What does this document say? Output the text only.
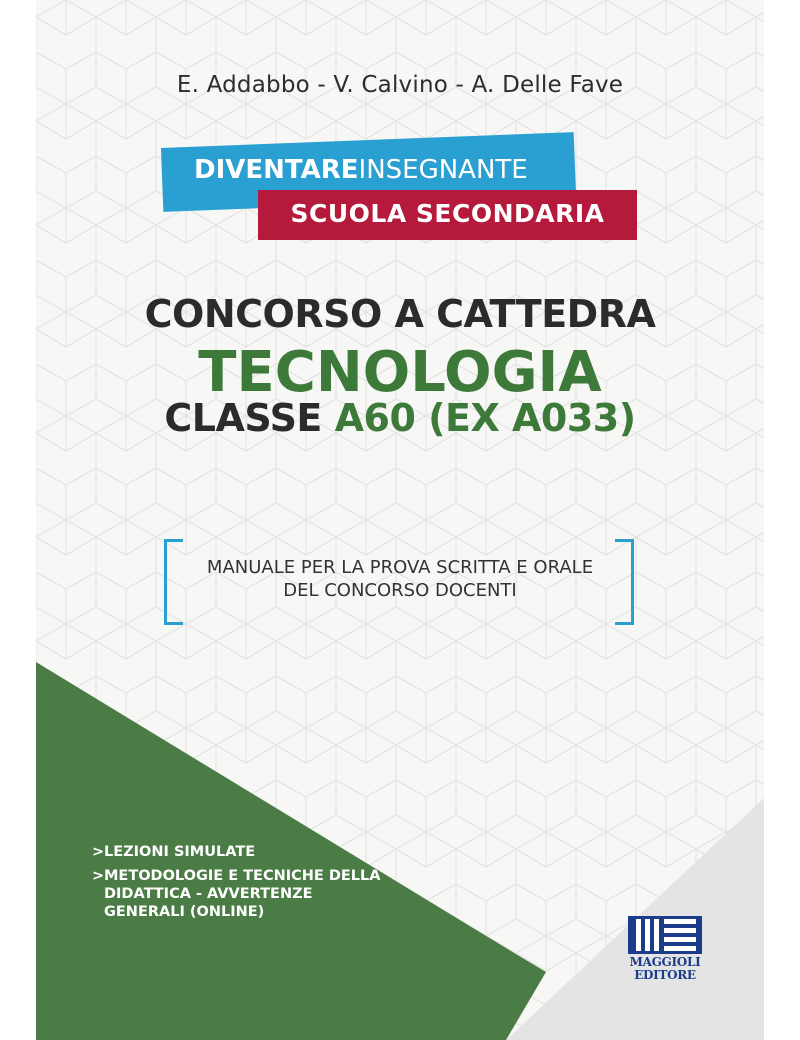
E. Addabbo - V. Calvino - A. Delle Fave
DIVENTAREINSEGNANTE
SCUOLA SECONDARIA
CONCORSO A CATTEDRA
TECNOLOGIA
CLASSE A60 (EX A033)
MANUALE PER LA PROVA SCRITTA E ORALE
DEL CONCORSO DOCENTI
> LEZIONI SIMULATE
> METODOLOGIE E TECNICHE DELLA DIDATTICA - AVVERTENZE GENERALI (ONLINE)
MAGGIOLI
EDITORE
